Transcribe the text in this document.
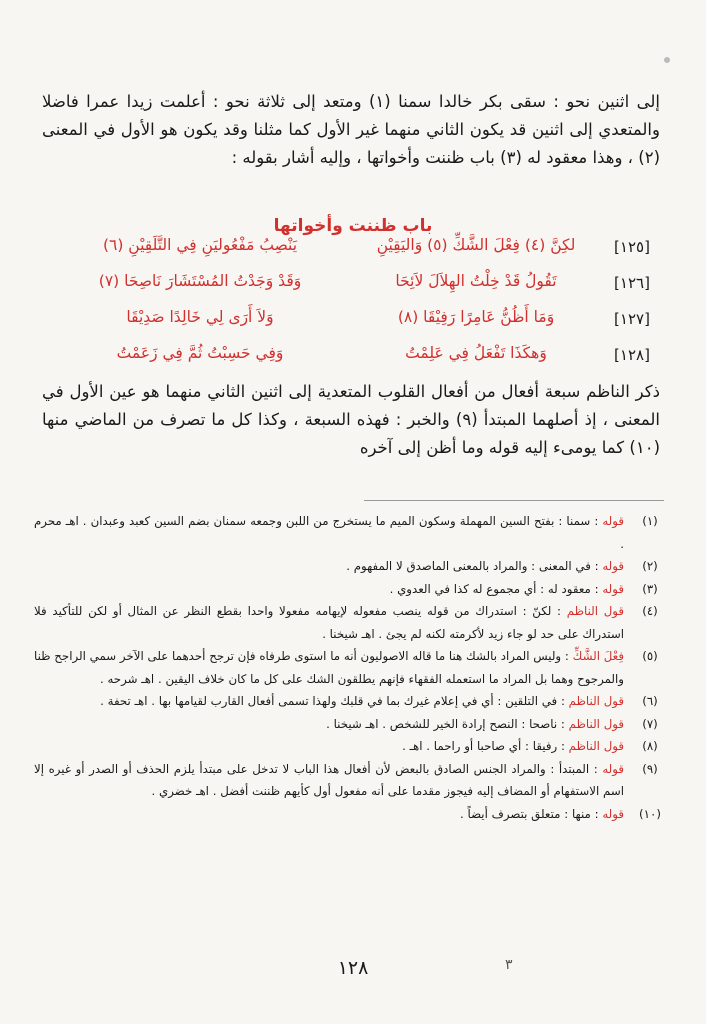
إلى اثنين نحو : سقى بكر خالدا سمنا (١) ومتعد إلى ثلاثة نحو : أعلمت زيدا عمرا فاضلا والمتعدي إلى اثنين قد يكون الثاني منهما غير الأول كما مثلنا وقد يكون هو الأول في المعنى (٢) ، وهذا معقود له (٣) باب ظننت وأخواتها ، وإليه أشار بقوله :
باب ظننت وأخواتها
[١٢٥]
لكِنَّ (٤) فِعْلَ الشَّكِّ (٥) وَاليَقِيْنِ
يَنْصِبُ مَفْعُوليَنِ فِي التَّلَقِيْنِ (٦)
[١٢٦]
تَقُولُ قَدْ خِلْتُ الهِلاَلَ لاَئِحَا
وَقَدْ وَجَدْتُ المُسْتَشَارَ نَاصِحَا (٧)
[١٢٧]
وَمَا أَظُنُّ عَامِرًا رَفِيْقَا (٨)
وَلاَ أَرَى لِي خَالِدًا صَدِيْقَا
[١٢٨]
وَهكَذَا تَفْعَلُ فِي عَلِمْتُ
وَفِي حَسِبْتُ ثُمَّ فِي زَعَمْتُ
ذكر الناظم سبعة أفعال من أفعال القلوب المتعدية إلى اثنين الثاني منهما هو عين الأول في المعنى ، إذ أصلهما المبتدأ (٩) والخبر : فهذه السبعة ، وكذا كل ما تصرف من الماضي منها (١٠) كما يومىء إليه قوله وما أظن إلى آخره
(١)
قوله : سمنا : بفتح السين المهملة وسكون الميم ما يستخرج من اللبن وجمعه سمنان بضم السين كعبد وعبدان . اهـ محرم .
(٢)
قوله : في المعنى : والمراد بالمعنى الماصدق لا المفهوم .
(٣)
قوله : معقود له : أي مجموع له كذا في العدوي .
(٤)
قول الناظم : لكنّ : استدراك من قوله ينصب مفعوله لإيهامه مفعولا واحدا بقطع النظر عن المثال أو لكن للتأكيد فلا استدراك على حد لو جاء زيد لأكرمته لكنه لم يجئ . اهـ شيخنا .
(٥)
فِعْلَ الشَّكِّ : وليس المراد بالشك هنا ما قاله الاصوليون أنه ما استوى طرفاه فإن ترجح أحدهما على الآخر سمي الراجح ظنا والمرجوح وهما بل المراد ما استعمله الفقهاء فإنهم يطلقون الشك على كل ما كان خلاف اليقين . اهـ شرحه .
(٦)
قول الناظم : في التلقين : أي في إعلام غيرك بما في قلبك ولهذا تسمى أفعال القارب لقيامها بها . اهـ تحفة .
(٧)
قول الناظم : ناصحا : النصح إرادة الخير للشخص . اهـ شيخنا .
(٨)
قول الناظم : رفيقا : أي صاحبا أو راحما . اهـ .
(٩)
قوله : المبتدأ : والمراد الجنس الصادق بالبعض لأن أفعال هذا الباب لا تدخل على مبتدأ يلزم الحذف أو الصدر أو غيره إلا اسم الاستفهام أو المضاف إليه فيجوز مقدما على أنه مفعول أول كأيهم ظننت أفضل . اهـ خضري .
(١٠)
قوله : منها : متعلق بتصرف أيضاً .
٣
١٢٨
